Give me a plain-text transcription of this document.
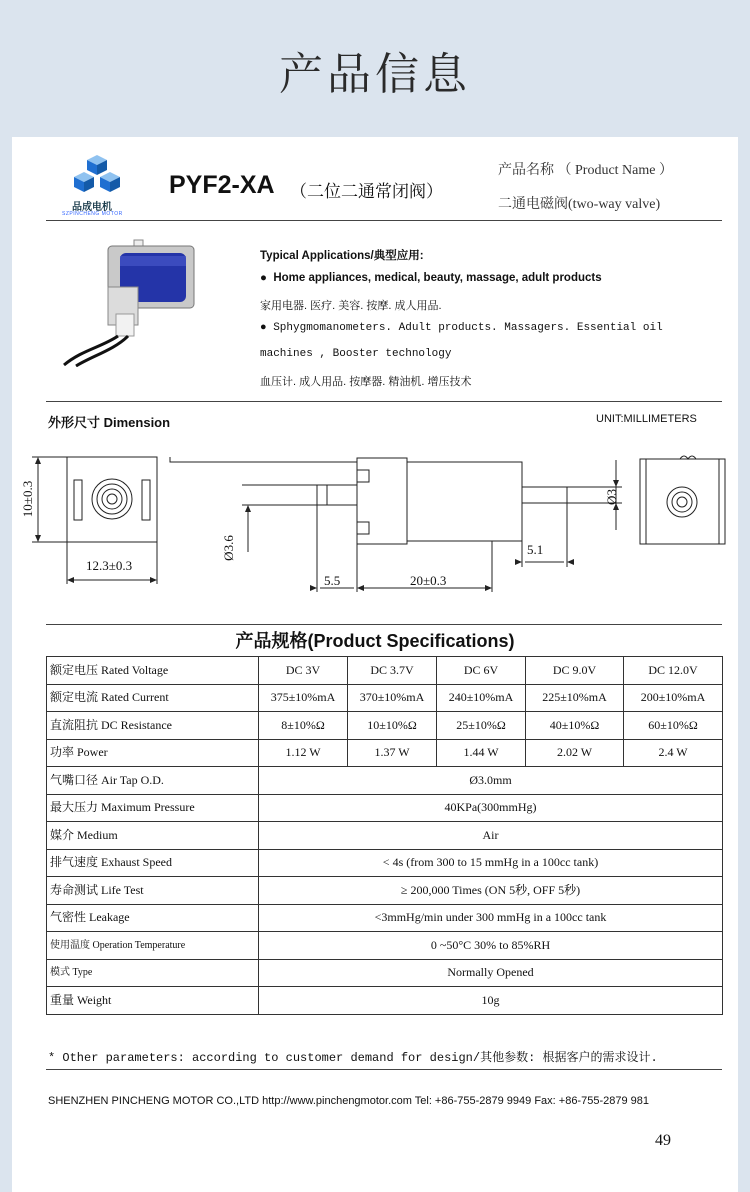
产品信息
品成电机
SZPINCHENG MOTOR
PYF2-XA （二位二通常闭阀）
产品名称 （ Product Name ）
二通电磁阀(two-way valve)
Typical Applications/典型应用:
●  Home appliances, medical, beauty, massage, adult products
家用电器. 医疗. 美容. 按摩. 成人用品.
● Sphygmomanometers. Adult products. Massagers. Essential oil
machines , Booster technology
血压计. 成人用品. 按摩器. 精油机. 增压技术
外形尺寸 Dimension	UNIT:MILLIMETERS
10±0.3
12.3±0.3
Ø3.6
5.5	20±0.3
5.1
Ø3
产品规格(Product Specifications)
额定电压 Rated Voltage	DC 3V	DC 3.7V	DC 6V	DC 9.0V	DC 12.0V
额定电流 Rated Current	375±10%mA	370±10%mA	240±10%mA	225±10%mA	200±10%mA
直流阻抗 DC Resistance	8±10%Ω	10±10%Ω	25±10%Ω	40±10%Ω	60±10%Ω
功率 Power	1.12 W	1.37 W	1.44 W	2.02 W	2.4 W
气嘴口径 Air Tap O.D.	Ø3.0mm				
最大压力 Maximum Pressure	40KPa(300mmHg)				
媒介 Medium	Air				
排气速度 Exhaust Speed	< 4s (from 300 to 15 mmHg in a 100cc tank)				
寿命测试 Life Test	≥ 200,000 Times (ON 5秒, OFF 5秒)				
气密性 Leakage	<3mmHg/min under 300 mmHg in a 100cc tank				
使用温度 Operation Temperature	0 ~50°C 30% to 85%RH				
模式 Type	Normally Opened				
重量 Weight	10g				
* Other parameters: according to customer demand for design/其他参数: 根据客户的需求设计.
SHENZHEN PINCHENG MOTOR CO.,LTD http://www.pinchengmotor.com Tel: +86-755-2879 9949 Fax: +86-755-2879 981
49
